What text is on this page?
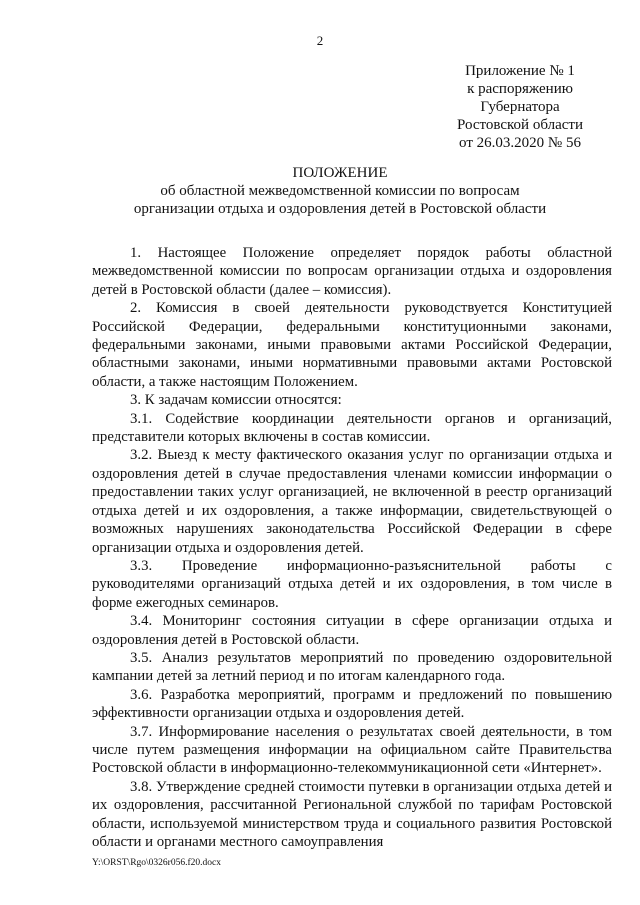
2
Приложение № 1
к распоряжению
Губернатора
Ростовской области
от 26.03.2020 № 56
ПОЛОЖЕНИЕ
об областной межведомственной комиссии по вопросам
организации отдыха и оздоровления детей в Ростовской области

1. Настоящее Положение определяет порядок работы областной межведомственной комиссии по вопросам организации отдыха и оздоровления детей в Ростовской области (далее – комиссия).

2. Комиссия в своей деятельности руководствуется Конституцией Российской Федерации, федеральными конституционными законами, федеральными законами, иными правовыми актами Российской Федерации, областными законами, иными нормативными правовыми актами Ростовской области, а также настоящим Положением.

3. К задачам комиссии относятся:

3.1. Содействие координации деятельности органов и организаций, представители которых включены в состав комиссии.

3.2. Выезд к месту фактического оказания услуг по организации отдыха и оздоровления детей в случае предоставления членами комиссии информации о предоставлении таких услуг организацией, не включенной в реестр организаций отдыха детей и их оздоровления, а также информации, свидетельствующей о возможных нарушениях законодательства Российской Федерации в сфере организации отдыха и оздоровления детей.

3.3. Проведение информационно-разъяснительной работы с руководителями организаций отдыха детей и их оздоровления, в том числе в форме ежегодных семинаров.

3.4. Мониторинг состояния ситуации в сфере организации отдыха и оздоровления детей в Ростовской области.

3.5. Анализ результатов мероприятий по проведению оздоровительной кампании детей за летний период и по итогам календарного года.

3.6. Разработка мероприятий, программ и предложений по повышению эффективности организации отдыха и оздоровления детей.

3.7. Информирование населения о результатах своей деятельности, в том числе путем размещения информации на официальном сайте Правительства Ростовской области в информационно-телекоммуникационной сети «Интернет».

3.8. Утверждение средней стоимости путевки в организации отдыха детей и их оздоровления, рассчитанной Региональной службой по тарифам Ростовской области, используемой министерством труда и социального развития Ростовской области и органами местного самоуправления

Y:\ORST\Rgo\0326r056.f20.docx
